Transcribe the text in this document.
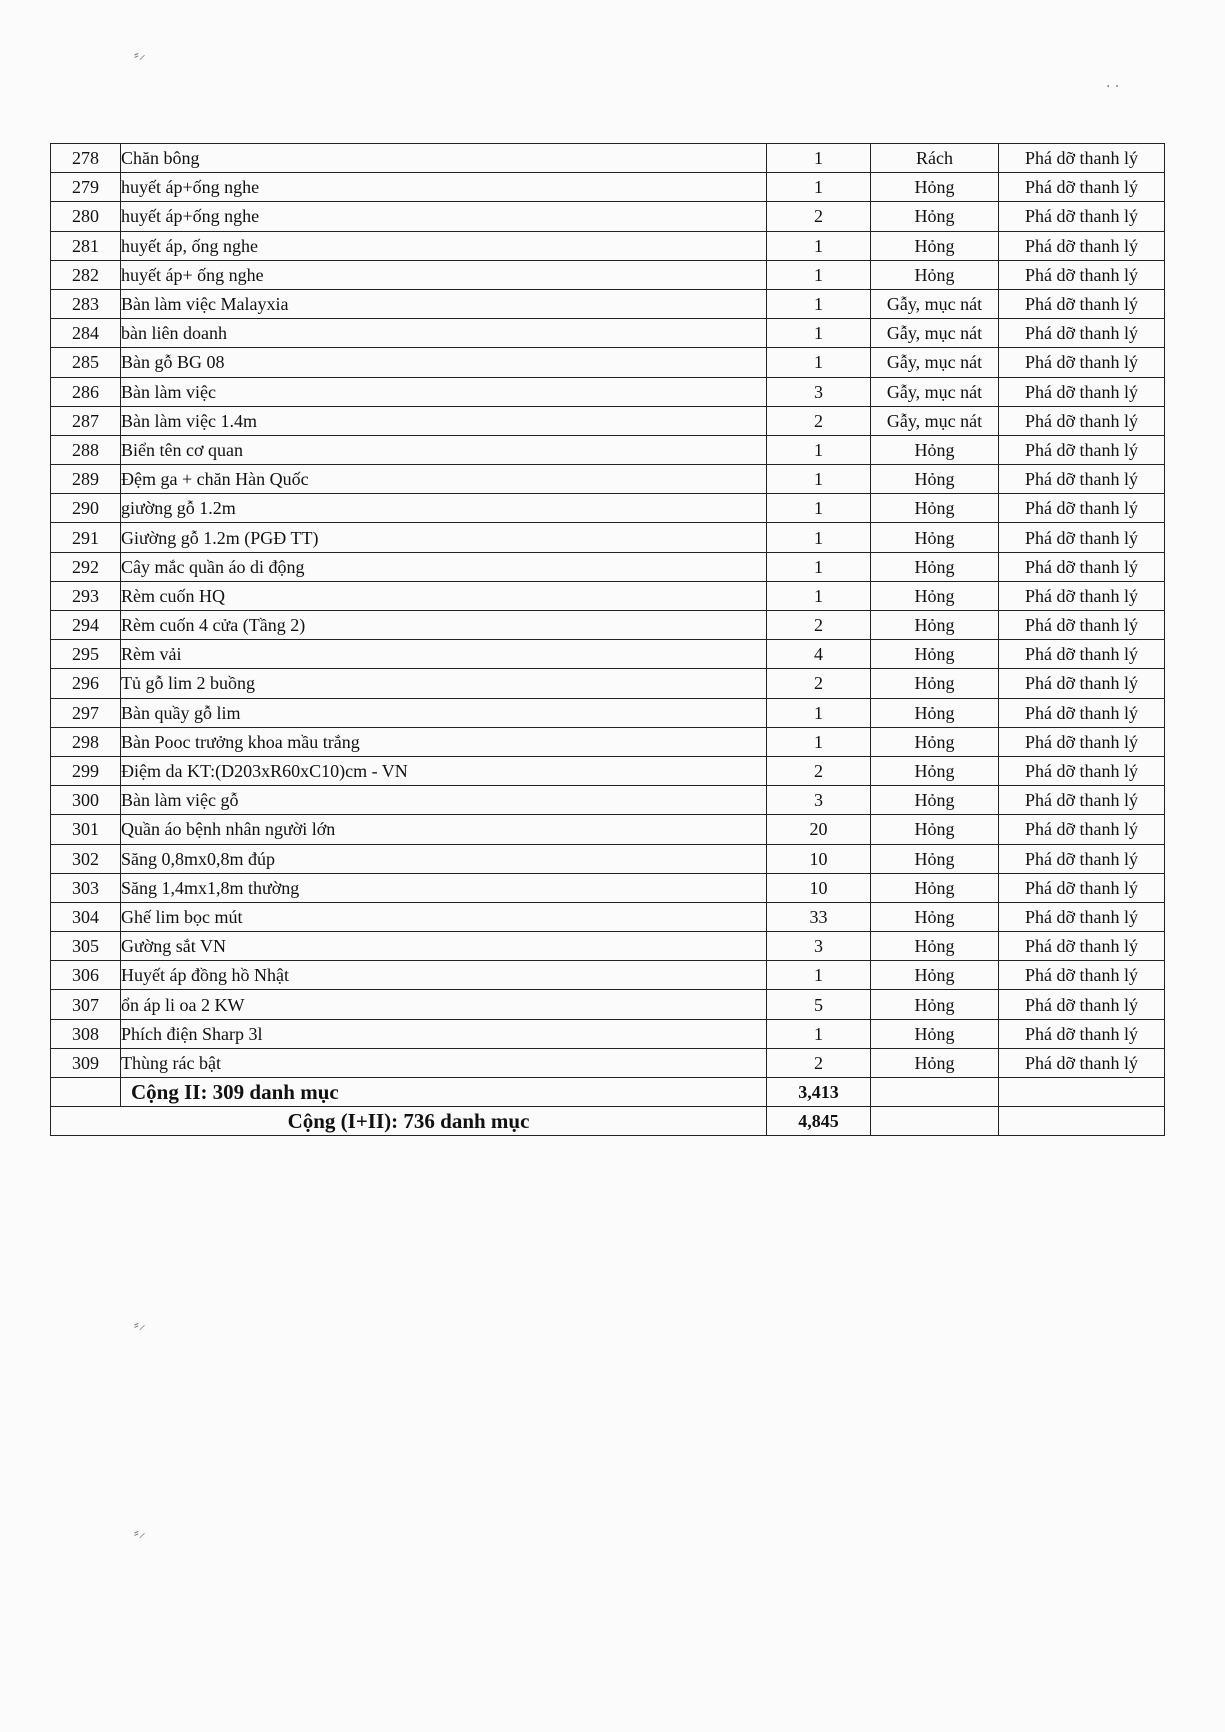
⸗⸝
· ·
⸗⸝
⸗⸝
278	Chăn bông	1	Rách	Phá dỡ thanh lý
279	huyết áp+ống nghe	1	Hỏng	Phá dỡ thanh lý
280	huyết áp+ống nghe	2	Hỏng	Phá dỡ thanh lý
281	huyết áp, ống nghe	1	Hỏng	Phá dỡ thanh lý
282	huyết áp+ ống nghe	1	Hỏng	Phá dỡ thanh lý
283	Bàn làm việc Malayxia	1	Gẫy, mục nát	Phá dỡ thanh lý
284	bàn liên doanh	1	Gẫy, mục nát	Phá dỡ thanh lý
285	Bàn gỗ BG 08	1	Gẫy, mục nát	Phá dỡ thanh lý
286	Bàn làm việc	3	Gẫy, mục nát	Phá dỡ thanh lý
287	Bàn làm việc 1.4m	2	Gẫy, mục nát	Phá dỡ thanh lý
288	Biển tên cơ quan	1	Hỏng	Phá dỡ thanh lý
289	Đệm ga + chăn Hàn Quốc	1	Hỏng	Phá dỡ thanh lý
290	giường gỗ 1.2m	1	Hỏng	Phá dỡ thanh lý
291	Giường gỗ 1.2m (PGĐ TT)	1	Hỏng	Phá dỡ thanh lý
292	Cây mắc quần áo di động	1	Hỏng	Phá dỡ thanh lý
293	Rèm cuốn HQ	1	Hỏng	Phá dỡ thanh lý
294	Rèm cuốn 4 cửa (Tầng 2)	2	Hỏng	Phá dỡ thanh lý
295	Rèm vải	4	Hỏng	Phá dỡ thanh lý
296	Tủ gỗ lim 2 buồng	2	Hỏng	Phá dỡ thanh lý
297	Bàn quầy gỗ lim	1	Hỏng	Phá dỡ thanh lý
298	Bàn Pooc trưởng khoa mầu trắng	1	Hỏng	Phá dỡ thanh lý
299	Điệm da KT:(D203xR60xC10)cm - VN	2	Hỏng	Phá dỡ thanh lý
300	Bàn làm việc gỗ	3	Hỏng	Phá dỡ thanh lý
301	Quần áo bệnh nhân người lớn	20	Hỏng	Phá dỡ thanh lý
302	Săng 0,8mx0,8m đúp	10	Hỏng	Phá dỡ thanh lý
303	Săng 1,4mx1,8m thường	10	Hỏng	Phá dỡ thanh lý
304	Ghế lim bọc mút	33	Hỏng	Phá dỡ thanh lý
305	Gường sắt VN	3	Hỏng	Phá dỡ thanh lý
306	Huyết áp đồng hồ Nhật	1	Hỏng	Phá dỡ thanh lý
307	ổn áp li oa 2 KW	5	Hỏng	Phá dỡ thanh lý
308	Phích điện Sharp 3l	1	Hỏng	Phá dỡ thanh lý
309	Thùng rác bật	2	Hỏng	Phá dỡ thanh lý
	Cộng II: 309 danh mục	3,413		
Cộng (I+II): 736 danh mục		4,845		
